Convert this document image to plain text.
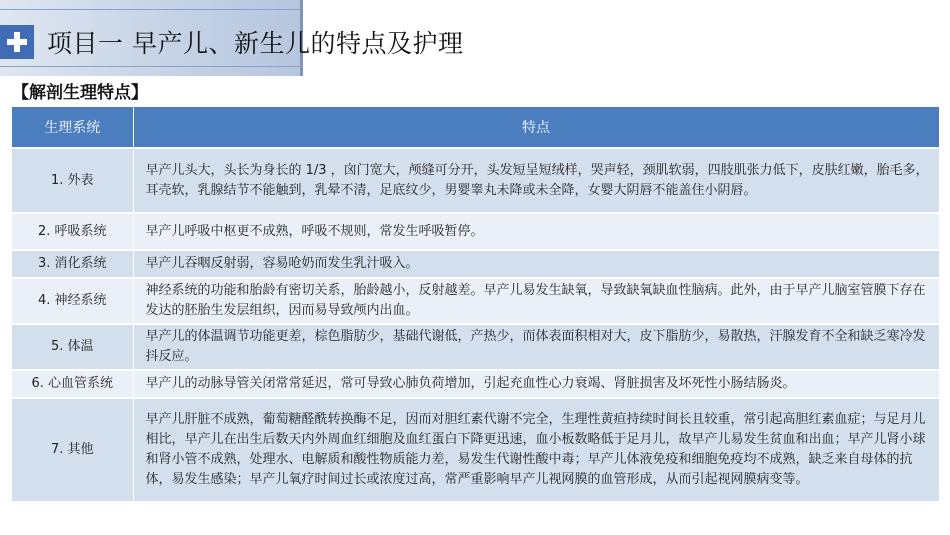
项目一 早产儿、新生儿的特点及护理
【解剖生理特点】
生理系统	特点
1. 外表	早产儿头大，头长为身长的 1/3 ，囟门宽大，颅缝可分开，头发短呈短绒样，哭声轻，颈肌软弱，四肢肌张力低下，皮肤红嫩，胎毛多，耳壳软，乳腺结节不能触到，乳晕不清，足底纹少，男婴睾丸未降或未全降，女婴大阴唇不能盖住小阴唇。
2. 呼吸系统	早产儿呼吸中枢更不成熟，呼吸不规则，常发生呼吸暂停。
3. 消化系统	早产儿吞咽反射弱，容易呛奶而发生乳汁吸入。
4. 神经系统	神经系统的功能和胎龄有密切关系，胎龄越小，反射越差。早产儿易发生缺氧，导致缺氧缺血性脑病。此外，由于早产儿脑室管膜下存在发达的胚胎生发层组织，因而易导致颅内出血。
5. 体温	早产儿的体温调节功能更差，棕色脂肪少，基础代谢低，产热少，而体表面积相对大，皮下脂肪少，易散热，汗腺发育不全和缺乏寒冷发抖反应。
6. 心血管系统	早产儿的动脉导管关闭常常延迟，常可导致心肺负荷增加，引起充血性心力衰竭、肾脏损害及坏死性小肠结肠炎。
7. 其他	早产儿肝脏不成熟，葡萄糖醛酰转换酶不足，因而对胆红素代谢不完全，生理性黄疸持续时间长且较重，常引起高胆红素血症；与足月儿相比，早产儿在出生后数天内外周血红细胞及血红蛋白下降更迅速，血小板数略低于足月儿，故早产儿易发生贫血和出血；早产儿肾小球和肾小管不成熟，处理水、电解质和酸性物质能力差，易发生代谢性酸中毒；早产儿体液免疫和细胞免疫均不成熟，缺乏来自母体的抗体，易发生感染；早产儿氧疗时间过长或浓度过高，常严重影响早产儿视网膜的血管形成，从而引起视网膜病变等。
